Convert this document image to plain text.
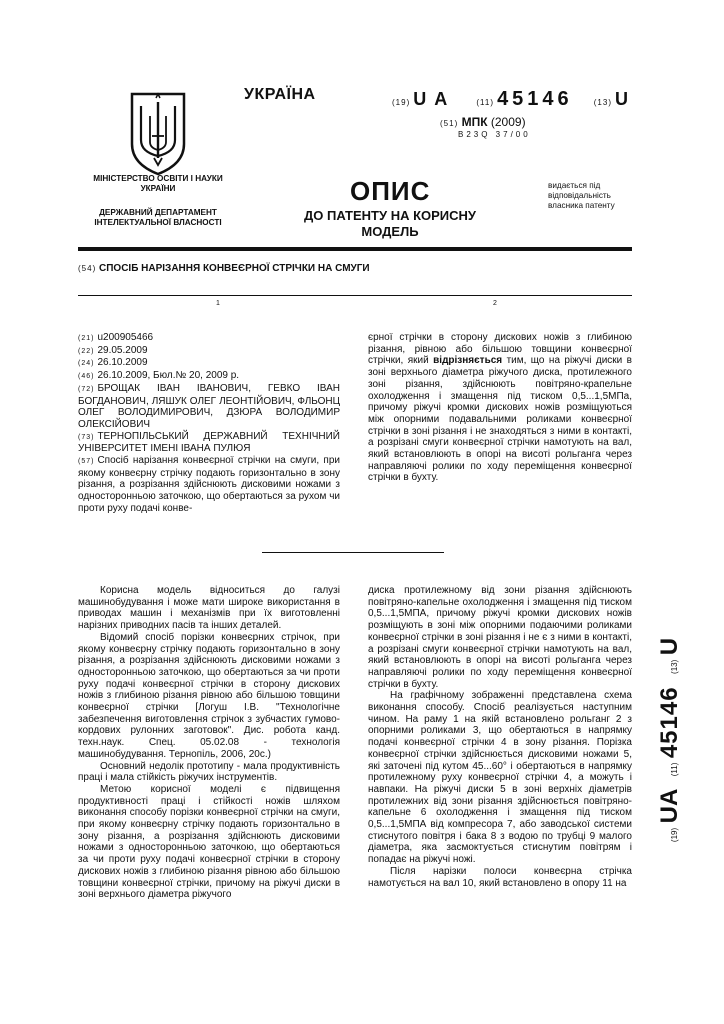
МІНІСТЕРСТВО ОСВІТИ І НАУКИ УКРАЇНИ
ДЕРЖАВНИЙ ДЕПАРТАМЕНТ ІНТЕЛЕКТУАЛЬНОЇ ВЛАСНОСТІ
УКРАЇНА	(19) UA	(11) 45146	(13) U
(51) МПК (2009)
B23Q 37/00
ОПИС
ДО ПАТЕНТУ НА КОРИСНУ МОДЕЛЬ
видається під відповідальність власника патенту
(54) СПОСІБ НАРІЗАННЯ КОНВЕЄРНОЇ СТРІЧКИ НА СМУГИ
1	2
(21) u200905466
(22) 29.05.2009
(24) 26.10.2009
(46) 26.10.2009, Бюл.№ 20, 2009 р.
(72) БРОЩАК ІВАН ІВАНОВИЧ, ГЕВКО ІВАН БОГДАНОВИЧ, ЛЯШУК ОЛЕГ ЛЕОНТІЙОВИЧ, ФЛЬОНЦ ОЛЕГ ВОЛОДИМИРОВИЧ, ДЗЮРА ВОЛОДИМИР ОЛЕКСІЙОВИЧ
(73) ТЕРНОПІЛЬСЬКИЙ ДЕРЖАВНИЙ ТЕХНІЧНИЙ УНІВЕРСИТЕТ ІМЕНІ ІВАНА ПУЛЮЯ
(57) Спосіб нарізання конвеєрної стрічки на смуги, при якому конвеєрну стрічку подають горизонтально в зону різання, а розрізання здійснюють дисковими ножами з односторонньою заточкою, що обертаються за рухом чи проти руху подачі конве-
єрної стрічки в сторону дискових ножів з глибиною різання, рівною або більшою товщини конвеєрної стрічки, який відрізняється тим, що на ріжучі диски в зоні верхнього діаметра ріжучого диска, протилежного зоні різання, здійснюють повітряно-крапельне охолодження і змащення під тиском 0,5...1,5МПа, причому ріжучі кромки дискових ножів розміщуються між опорними подавальними роликами конвеєрної стрічки в зоні різання і не знаходяться з ними в контакті, а розрізані смуги конвеєрної стрічки намотують на вал, який встановлюють в опорі на висоті рольганга через направляючі ролики по ходу переміщення конвеєрної стрічки в бухту.

Корисна модель відноситься до галузі машинобудування і може мати широке використання в приводах машин і механізмів при їх виготовленні нарізних приводних пасів та інших деталей.

Відомий спосіб порізки конвеєрних стрічок, при якому конвеєрну стрічку подають горизонтально в зону різання, а розрізання здійснюють дисковими ножами з односторонньою заточкою, що обертаються за чи проти руху подачі конвеєрної стрічки в сторону дискових ножів з глибиною різання рівною або більшою товщини конвеєрної стрічки [Логуш І.В. "Технологічне забезпечення виготовлення стрічок з зубчастих гумово-кордових рулонних заготовок". Дис. робота канд. техн.наук. Спец. 05.02.08 - технологія машинобудування. Тернопіль, 2006, 20с.)

Основний недолік прототипу - мала продуктивність праці і мала стійкість ріжучих інструментів.

Метою корисної моделі є підвищення продуктивності праці і стійкості ножів шляхом виконання способу порізки конвеєрної стрічки на смуги, при якому конвеєрну стрічку подають горизонтально в зону різання, а розрізання здійснюють дисковими ножами з односторонньою заточкою, що обертаються за чи проти руху подачі конвеєрної стрічки в сторону дискових ножів з глибиною різання рівною або більшою товщини конвеєрної стрічки, причому на ріжучі диски в зоні верхнього діаметра ріжучого

диска протилежному від зони різання здійснюють повітряно-капельне охолодження і змащення під тиском 0,5...1,5МПА, причому ріжучі кромки дискових ножів розміщують в зоні між опорними подаючими роликами конвеєрної стрічки в зоні різання і не є з ними в контакті, а розрізані смуги конвеєрної стрічки намотують на вал, який встановлюють в опорі на висоті рольганга через направляючі ролики по ходу переміщення конвеєрної стрічки в бухту.

На графічному зображенні представлена схема виконання способу. Спосіб реалізується наступним чином. На раму 1 на якій встановлено рольганг 2 з опорними роликами 3, що обертаються в напрямку подачі конвеєрної стрічки 4 в зону різання. Порізка конвеєрної стрічки здійснюється дисковими ножами 5, які заточені під кутом 45...60° і обертаються в напрямку протилежному руху конвеєрної стрічки 4, а можуть і навпаки. На ріжучі диски 5 в зоні верхніх діаметрів протилежних від зони різання здійснюється повітряно-капельне 6 охолодження і змащення під тиском 0,5...1,5МПА від компресора 7, або заводської системи стиснутого повітря і бака 8 з водою по трубці 9 малого діаметра, яка засмоктується стиснутим повітрям і попадає на ріжучі ножі.

Після нарізки полоси конвеєрна стрічка намотується на вал 10, який встановлено в опору 11 на

(19) UA (11) 45146 (13) U
